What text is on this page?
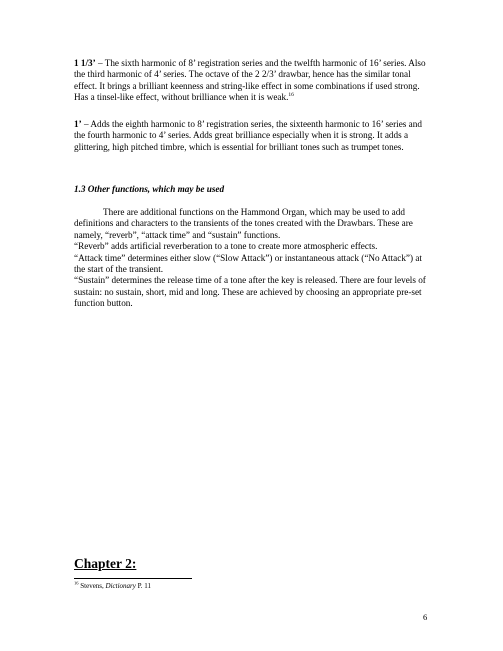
1 1/3’ – The sixth harmonic of 8’ registration series and the twelfth harmonic of 16’ series. Also the third harmonic of 4’ series. The octave of the 2 2/3’ drawbar, hence has the similar tonal effect. It brings a brilliant keenness and string-like effect in some combinations if used strong. Has a tinsel-like effect, without brilliance when it is weak.$^{16}$

1’ – Adds the eighth harmonic to 8’ registration series, the sixteenth harmonic to 16’ series and the fourth harmonic to 4’ series. Adds great brilliance especially when it is strong. It adds a glittering, high pitched timbre, which is essential for brilliant tones such as trumpet tones.

1.3 Other functions, which may be used

There are additional functions on the Hammond Organ, which may be used to add definitions and characters to the transients of the tones created with the Drawbars. These are namely, “reverb”, “attack time” and “sustain” functions.
“Reverb” adds artificial reverberation to a tone to create more atmospheric effects.
“Attack time” determines either slow (“Slow Attack”) or instantaneous attack (“No Attack”) at the start of the transient.
“Sustain” determines the release time of a tone after the key is released. There are four levels of sustain: no sustain, short, mid and long. These are achieved by choosing an appropriate pre-set function button.

Chapter 2:

$^{16}$ Stevens, Dictionary P. 11
6
